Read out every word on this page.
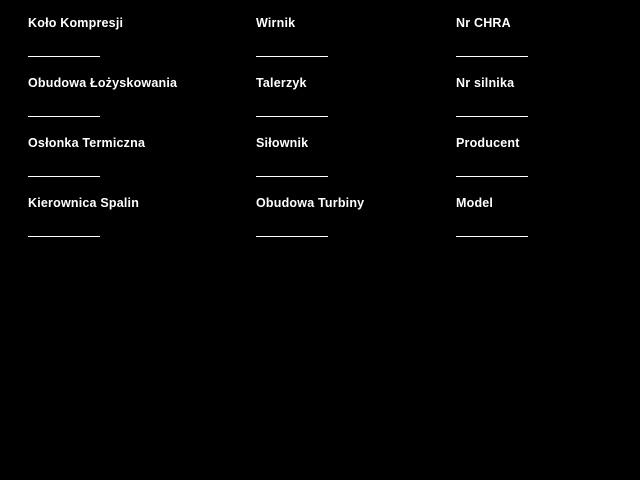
Koło Kompresji	Wirnik	Nr CHRA
Obudowa Łożyskowania	Talerzyk	Nr silnika
Osłonka Termiczna	Siłownik	Producent
Kierownica Spalin	Obudowa Turbiny	Model
